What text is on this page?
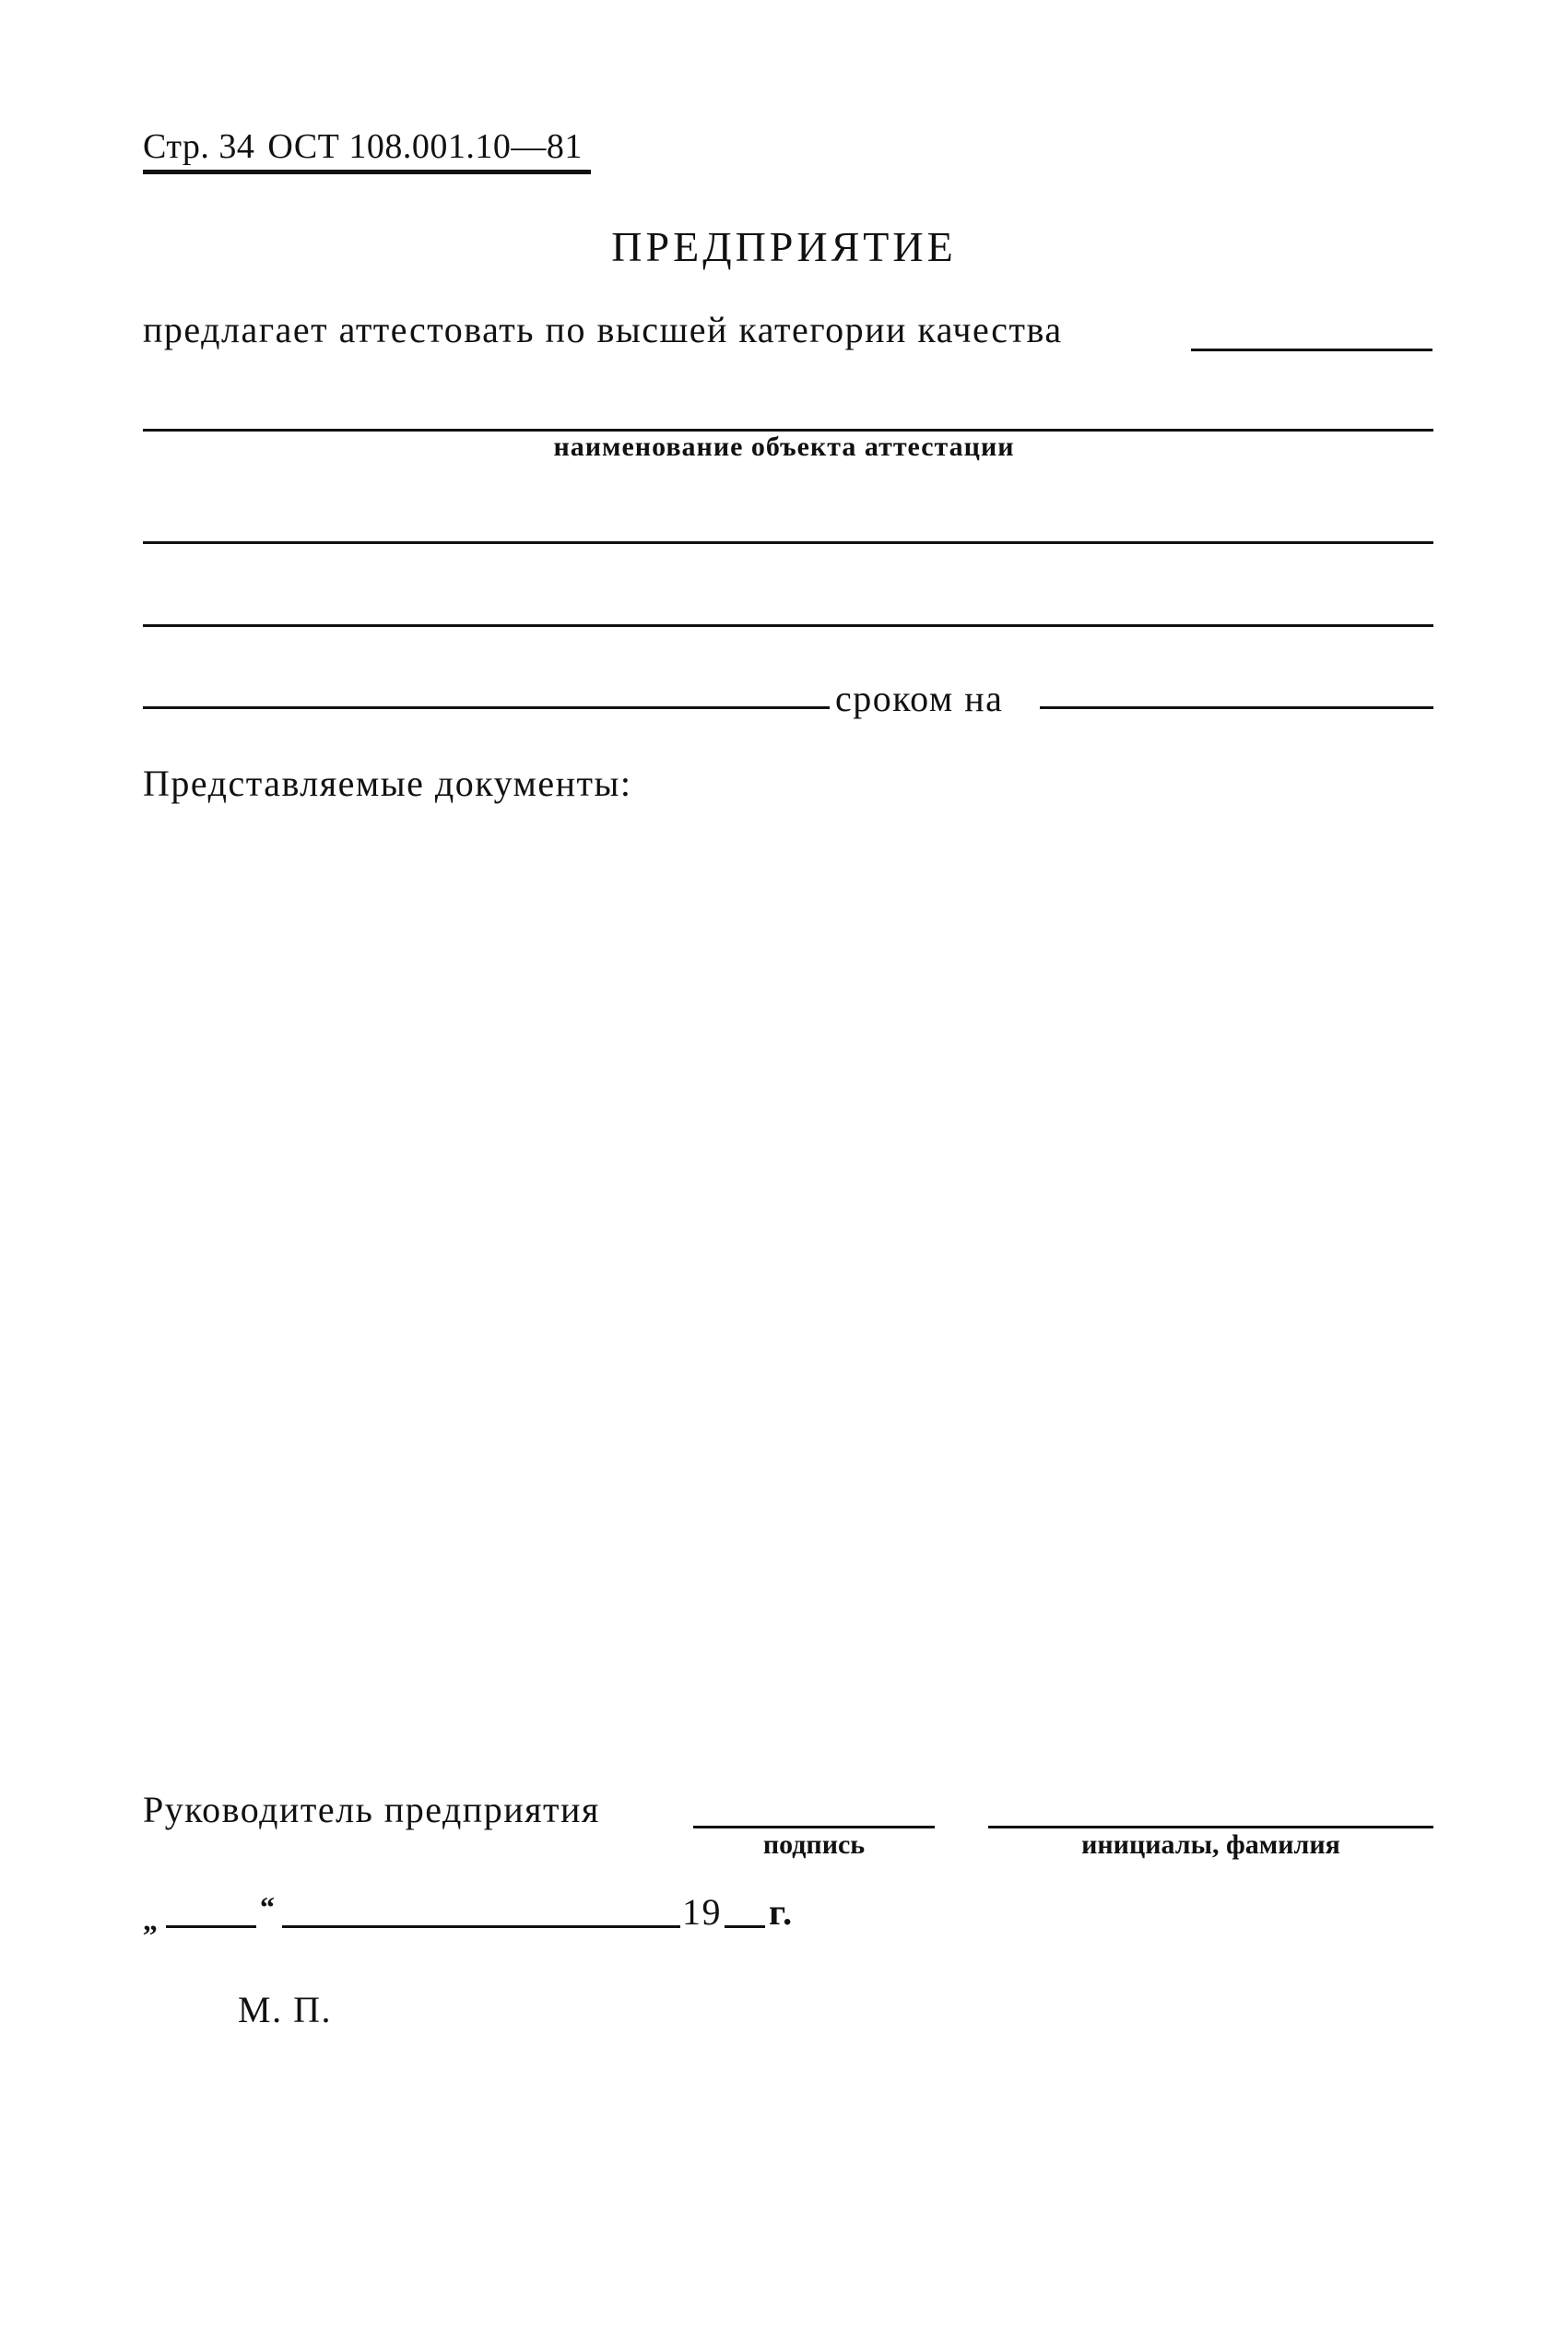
Стр. 34 ОСТ 108.001.10—81
ПРЕДПРИЯТИЕ
предлагает аттестовать по высшей категории качества
наименование объекта аттестации
сроком на
Представляемые документы:
Руководитель предприятия
подпись	инициалы, фамилия
„	“	19 г.
М. П.
